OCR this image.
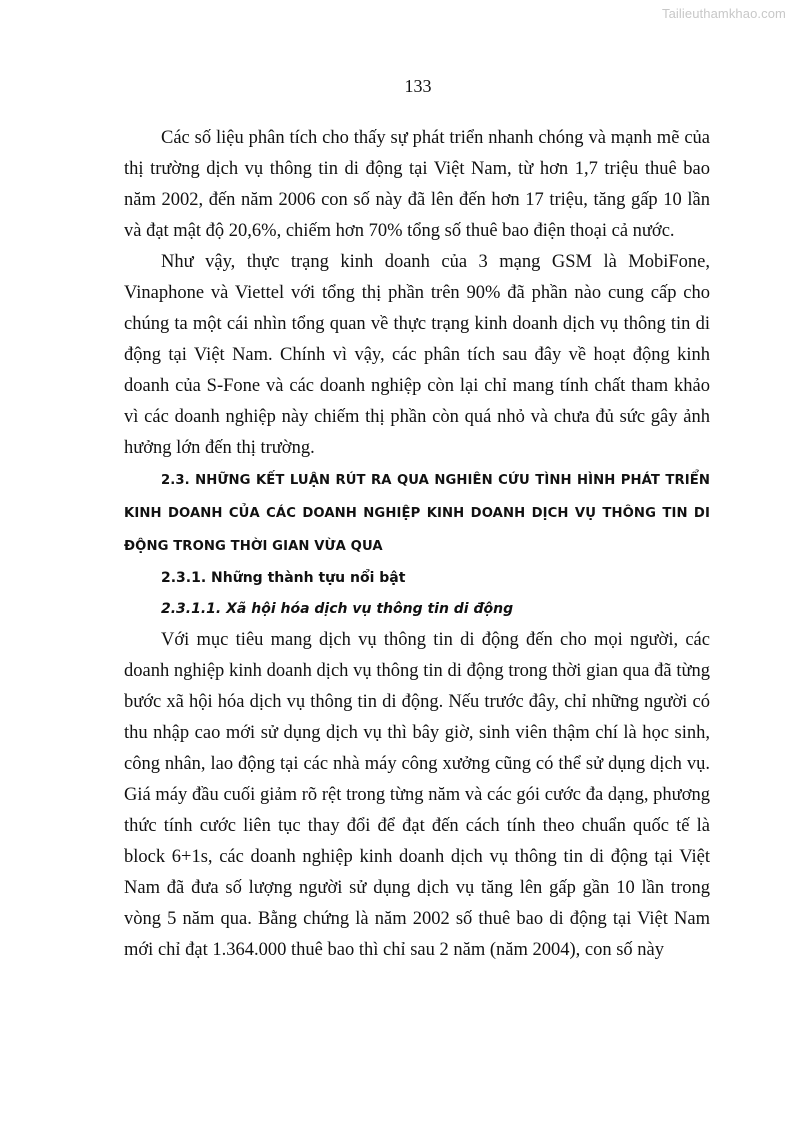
Tailieuthamkhao.com
133

Các số liệu phân tích cho thấy sự phát triển nhanh chóng và mạnh mẽ của thị trường dịch vụ thông tin di động tại Việt Nam, từ hơn 1,7 triệu thuê bao năm 2002, đến năm 2006 con số này đã lên đến hơn 17 triệu, tăng gấp 10 lần và đạt mật độ 20,6%, chiếm hơn 70% tổng số thuê bao điện thoại cả nước.

Như vậy, thực trạng kinh doanh của 3 mạng GSM là MobiFone, Vinaphone và Viettel với tổng thị phần trên 90% đã phần nào cung cấp cho chúng ta một cái nhìn tổng quan về thực trạng kinh doanh dịch vụ thông tin di động tại Việt Nam. Chính vì vậy, các phân tích sau đây về hoạt động kinh doanh của S-Fone và các doanh nghiệp còn lại chỉ mang tính chất tham khảo vì các doanh nghiệp này chiếm thị phần còn quá nhỏ và chưa đủ sức gây ảnh hưởng lớn đến thị trường.

2.3. NHỮNG KẾT LUẬN RÚT RA QUA NGHIÊN CỨU TÌNH HÌNH PHÁT TRIỂN KINH DOANH CỦA CÁC DOANH NGHIỆP KINH DOANH DỊCH VỤ THÔNG TIN DI ĐỘNG TRONG THỜI GIAN VỪA QUA

2.3.1. Những thành tựu nổi bật

2.3.1.1. Xã hội hóa dịch vụ thông tin di động

Với mục tiêu mang dịch vụ thông tin di động đến cho mọi người, các doanh nghiệp kinh doanh dịch vụ thông tin di động trong thời gian qua đã từng bước xã hội hóa dịch vụ thông tin di động. Nếu trước đây, chỉ những người có thu nhập cao mới sử dụng dịch vụ thì bây giờ, sinh viên thậm chí là học sinh, công nhân, lao động tại các nhà máy công xưởng cũng có thể sử dụng dịch vụ. Giá máy đầu cuối giảm rõ rệt trong từng năm và các gói cước đa dạng, phương thức tính cước liên tục thay đổi để đạt đến cách tính theo chuẩn quốc tế là block 6+1s, các doanh nghiệp kinh doanh dịch vụ thông tin di động tại Việt Nam đã đưa số lượng người sử dụng dịch vụ tăng lên gấp gần 10 lần trong vòng 5 năm qua. Bằng chứng là năm 2002 số thuê bao di động tại Việt Nam mới chỉ đạt 1.364.000 thuê bao thì chỉ sau 2 năm (năm 2004), con số này
